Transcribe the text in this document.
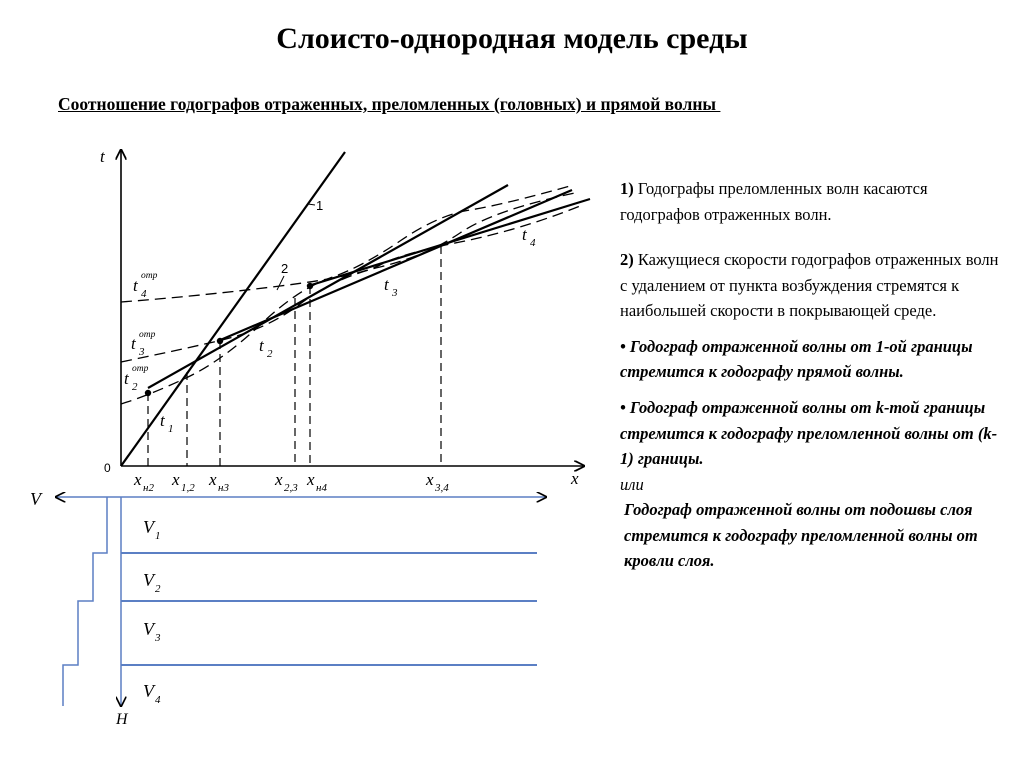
Слоисто-однородная модель среды
Соотношение годографов отраженных, преломленных (головных) и прямой волны
t
x
0
1
2
t 4
отр
t 3
отр
t 2
отр
t 1
t 2
t 3
t 4
x н2 x 1,2 x н3	x 2,3 x н4	x 3,4
V
H
V 1
V 2
V 3
V 4

1) Годографы преломленных волн касаются годографов отраженных волн.

2) Кажущиеся скорости годографов отраженных волн с удалением от пункта возбуждения стремятся к наибольшей скорости в покрывающей среде.

• Годограф отраженной волны от 1-ой границы стремится к годографу прямой волны.

• Годограф отраженной волны от k-той границы стремится к годографу преломленной волны от (k-1) границы.

или

Годограф отраженной волны от подошвы слоя стремится к годографу преломленной волны от кровли слоя.
